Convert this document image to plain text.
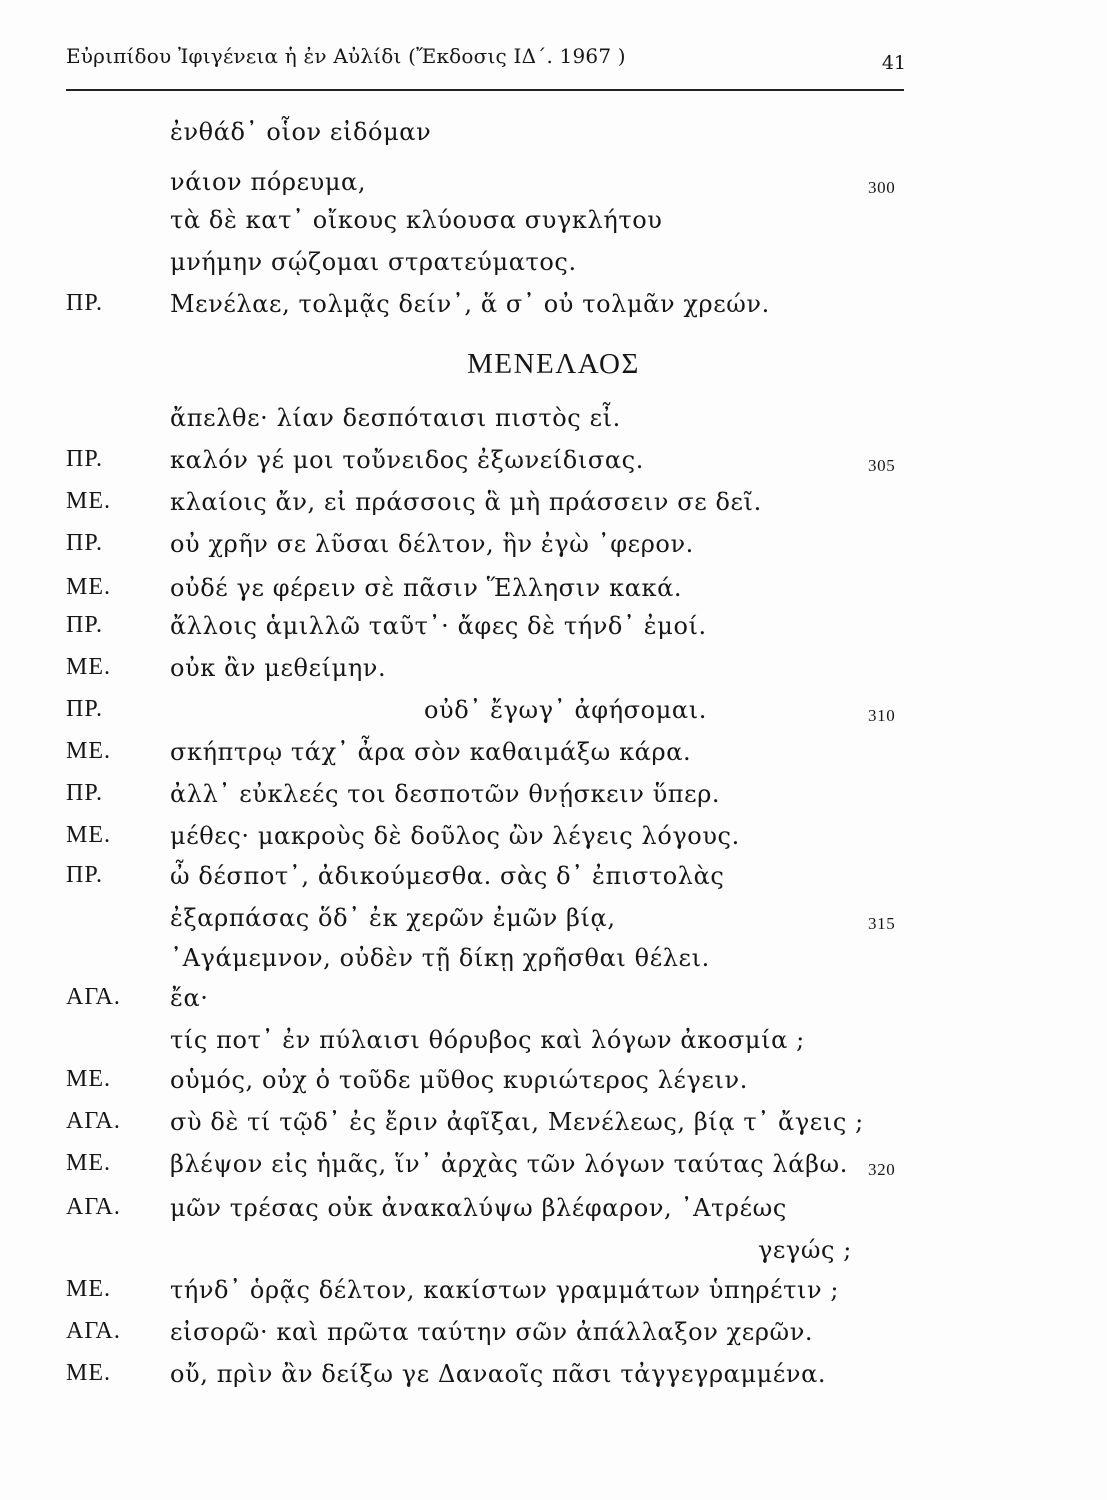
Εὐριπίδου Ἰφιγένεια ἡ ἐν Αὐλίδι (Ἔκδοσις ΙΔ΄. 1967 )	41
ΜΕΝΕΛΑΟΣ
ἐνθάδ᾽ οἷον εἰδόμαν
νάιον πόρευμα,	300
τὰ δὲ κατ᾽ οἴκους κλύουσα συγκλήτου
μνήμην σῴζομαι στρατεύματος.
ΠΡ.	Μενέλαε, τολμᾷς δείν᾽, ἅ σ᾽ οὐ τολμᾶν χρεών.
ἄπελθε· λίαν δεσπόταισι πιστὸς εἶ.
ΠΡ.	καλόν γέ μοι τοὔνειδος ἐξωνείδισας.	305
ΜΕ. κλαίοις ἄν, εἰ πράσσοις ἃ μὴ πράσσειν σε δεῖ.
ΠΡ.	οὐ χρῆν σε λῦσαι δέλτον, ἣν ἐγὼ ᾽φερον.
ΜΕ. οὐδέ γε φέρειν σὲ πᾶσιν Ἕλλησιν κακά.
ΠΡ.	ἄλλοις ἁμιλλῶ ταῦτ᾽· ἄφες δὲ τήνδ᾽ ἐμοί.
ΜΕ. οὐκ ἂν μεθείμην.
ΠΡ.	οὐδ᾽ ἔγωγ᾽ ἀφήσομαι.	310
ΜΕ. σκήπτρῳ τάχ᾽ ἆρα σὸν καθαιμάξω κάρα.
ΠΡ.	ἀλλ᾽ εὐκλεές τοι δεσποτῶν θνῄσκειν ὕπερ.
ΜΕ. μέθες· μακροὺς δὲ δοῦλος ὢν λέγεις λόγους.
ΠΡ.	ὦ δέσποτ᾽, ἀδικούμεσθα. σὰς δ᾽ ἐπιστολὰς
ἐξαρπάσας ὅδ᾽ ἐκ χερῶν ἐμῶν βίᾳ,	315
᾽Αγάμεμνον, οὐδὲν τῇ δίκῃ χρῆσθαι θέλει.
ΑΓΑ. ἔα·
τίς ποτ᾽ ἐν πύλαισι θόρυβος καὶ λόγων ἀκοσμία ;
ΜΕ. οὑμός, οὐχ ὁ τοῦδε μῦθος κυριώτερος λέγειν.
ΑΓΑ. σὺ δὲ τί τῷδ᾽ ἐς ἔριν ἀφῖξαι, Μενέλεως, βίᾳ τ᾽ ἄγεις ;
ΜΕ. βλέψον εἰς ἡμᾶς, ἵν᾽ ἀρχὰς τῶν λόγων ταύτας λάβω. 320
ΑΓΑ. μῶν τρέσας οὐκ ἀνακαλύψω βλέφαρον, ᾽Ατρέως
γεγώς ;
ΜΕ. τήνδ᾽ ὁρᾷς δέλτον, κακίστων γραμμάτων ὑπηρέτιν ;
ΑΓΑ. εἰσορῶ· καὶ πρῶτα ταύτην σῶν ἀπάλλαξον χερῶν.
ΜΕ. οὔ, πρὶν ἂν δείξω γε Δαναοῖς πᾶσι τἀγγεγραμμένα.
